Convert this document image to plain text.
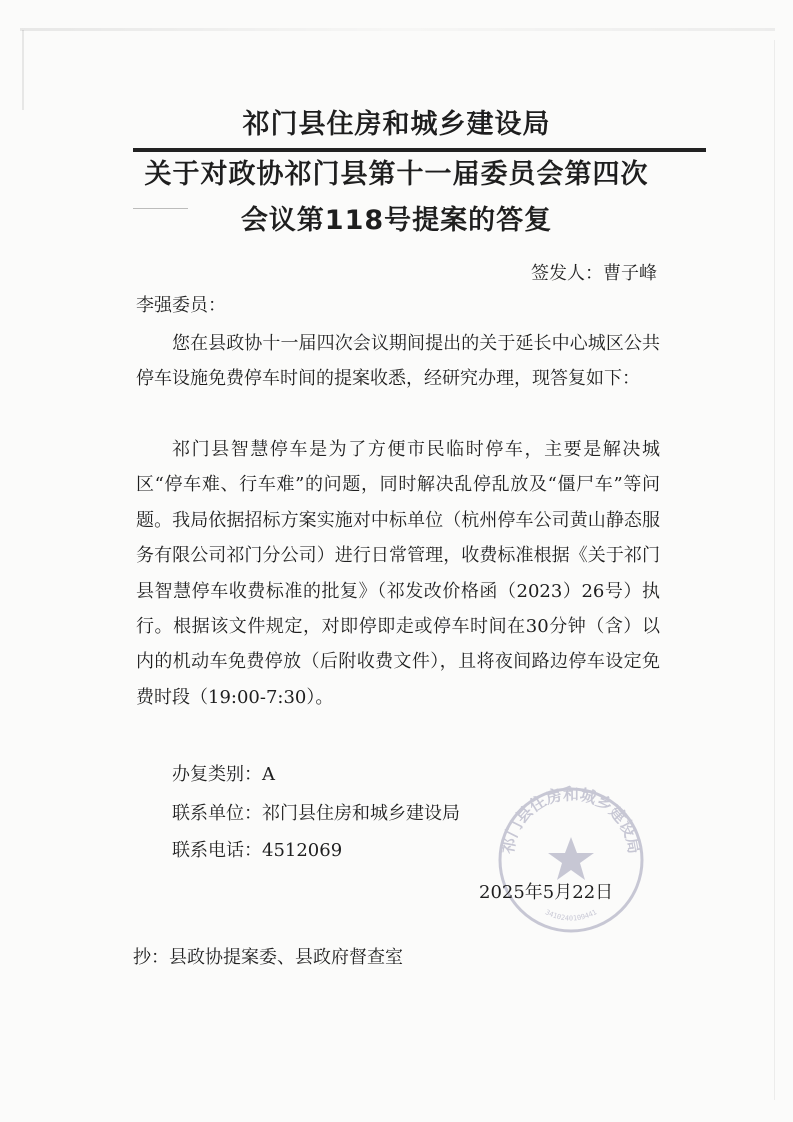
祁门县住房和城乡建设局
关于对政协祁门县第十一届委员会第四次
会议第118号提案的答复
签发人：曹子峰
李强委员：
您在县政协十一届四次会议期间提出的关于延长中心城区公共停车设施免费停车时间的提案收悉，经研究办理，现答复如下：
祁门县智慧停车是为了方便市民临时停车，主要是解决城区“停车难、行车难”的问题，同时解决乱停乱放及“僵尸车”等问题。我局依据招标方案实施对中标单位（杭州停车公司黄山静态服务有限公司祁门分公司）进行日常管理，收费标准根据《关于祁门县智慧停车收费标准的批复》（祁发改价格函（2023）26号）执行。根据该文件规定，对即停即走或停车时间在30分钟（含）以内的机动车免费停放（后附收费文件），且将夜间路边停车设定免费时段（19:00-7:30）。
办复类别：A
联系单位：祁门县住房和城乡建设局
联系电话：4512069	祁门县住房和城乡建设局
3410240109441
2025年5月22日
抄：县政协提案委、县政府督查室
